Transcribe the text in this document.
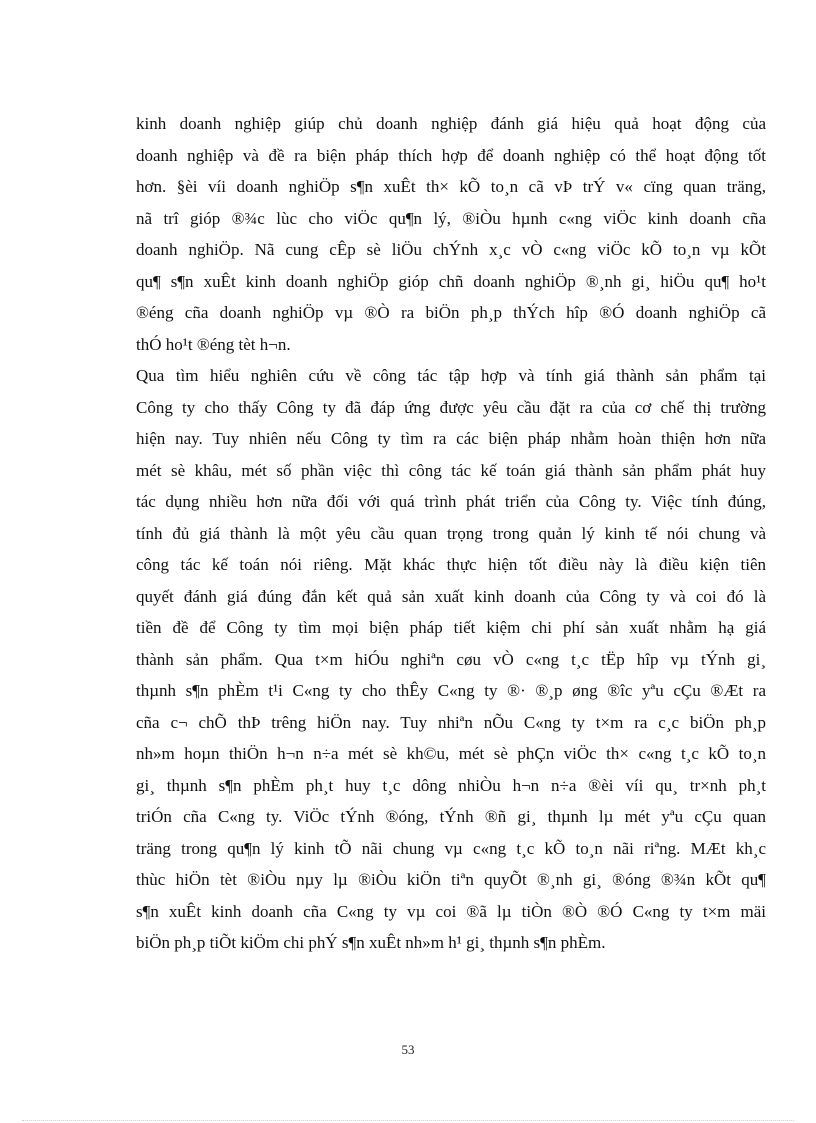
kinh doanh nghiệp giúp chủ doanh nghiệp đánh giá hiệu quả hoạt động của
doanh nghiệp và đề ra biện pháp thích hợp để doanh nghiệp có thể hoạt động tốt
hơn. §èi víi doanh nghiÖp s¶n xuÊt th× kÕ to¸n cã vÞ trÝ v« cïng quan träng,
nã trî gióp ®¾c lùc cho viÖc qu¶n lý, ®iÒu hµnh c«ng viÖc kinh doanh cña
doanh nghiÖp. Nã cung cÊp sè liÖu chÝnh x¸c vÒ c«ng viÖc kÕ to¸n vµ kÕt
qu¶ s¶n xuÊt kinh doanh nghiÖp gióp chñ doanh nghiÖp ®¸nh gi¸ hiÖu qu¶ ho¹t
®éng cña doanh nghiÖp vµ ®Ò ra biÖn ph¸p thÝch hîp ®Ó doanh nghiÖp cã
thÓ ho¹t ®éng tèt h¬n.
Qua tìm hiểu nghiên cứu về công tác tập hợp và tính giá thành sản phẩm tại
Công ty cho thấy Công ty đã đáp ứng được yêu cầu đặt ra của cơ chế thị trường
hiện nay. Tuy nhiên nếu Công ty tìm ra các biện pháp nhằm hoàn thiện hơn nữa
mét sè khâu, mét số phần việc thì công tác kế toán giá thành sản phẩm phát huy
tác dụng nhiều hơn nữa đối với quá trình phát triển của Công ty. Việc tính đúng,
tính đủ giá thành là một yêu cầu quan trọng trong quản lý kinh tế nói chung và
công tác kế toán nói riêng. Mặt khác thực hiện tốt điều này là điều kiện tiên
quyết đánh giá đúng đắn kết quả sản xuất kinh doanh của Công ty và coi đó là
tiền đề để Công ty tìm mọi biện pháp tiết kiệm chi phí sản xuất nhằm hạ giá
thành sản phẩm. Qua t×m hiÓu nghiªn cøu vÒ c«ng t¸c tËp hîp vµ tÝnh gi¸
thµnh s¶n phÈm t¹i C«ng ty cho thÊy C«ng ty ®· ®¸p øng ®îc yªu cÇu ®Æt ra
cña c¬ chÕ thÞ trêng hiÖn nay. Tuy nhiªn nÕu C«ng ty t×m ra c¸c biÖn ph¸p
nh»m hoµn thiÖn h¬n n÷a mét sè kh©u, mét sè phÇn viÖc th× c«ng t¸c kÕ to¸n
gi¸ thµnh s¶n phÈm ph¸t huy t¸c dông nhiÒu h¬n n÷a ®èi víi qu¸ tr×nh ph¸t
triÓn cña C«ng ty. ViÖc tÝnh ®óng, tÝnh ®ñ gi¸ thµnh lµ mét yªu cÇu quan
träng trong qu¶n lý kinh tÕ nãi chung vµ c«ng t¸c kÕ to¸n nãi riªng. MÆt kh¸c
thùc hiÖn tèt ®iÒu nµy lµ ®iÒu kiÖn tiªn quyÕt ®¸nh gi¸ ®óng ®¾n kÕt qu¶
s¶n xuÊt kinh doanh cña C«ng ty vµ coi ®ã lµ tiÒn ®Ò ®Ó C«ng ty t×m mäi
biÖn ph¸p tiÕt kiÖm chi phÝ s¶n xuÊt nh»m h¹ gi¸ thµnh s¶n phÈm.
53
